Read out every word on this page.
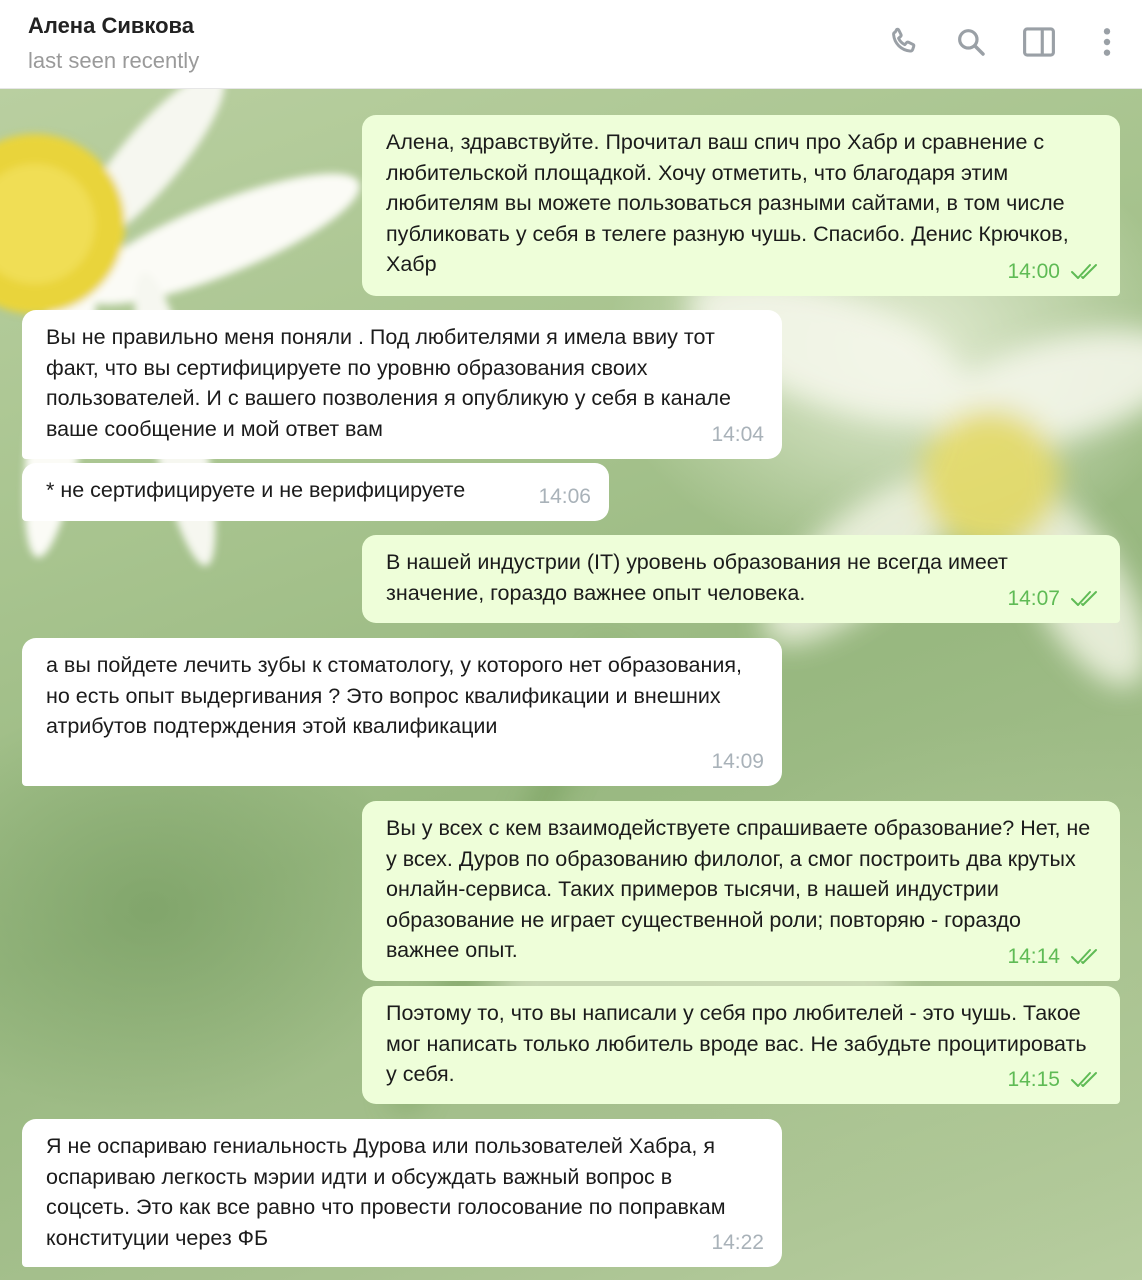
Алена Сивкова
last seen recently
Алена, здравствуйте. Прочитал ваш спич про Хабр и сравнение с любительской площадкой. Хочу отметить, что благодаря этим любителям вы можете пользоваться разными сайтами, в том числе публиковать у себя в телеге разную чушь. Спасибо. Денис Крючков, Хабр	14:00
Вы не правильно меня поняли . Под любителями я имела ввиу тот факт, что вы сертифицируете по уровню образования своих пользователей. И с вашего позволения я опубликую у себя в канале ваше сообщение и мой ответ вам	14:04
* не сертифицируете и не верифицируете	14:06
В нашей индустрии (IT) уровень образования не всегда имеет значение, гораздо важнее опыт человека.	14:07
а вы пойдете лечить зубы к стоматологу, у которого нет образования, но есть опыт выдергивания ? Это вопрос квалификации и внешних атрибутов подтерждения этой квалификации
14:09
Вы у всех с кем взаимодействуете спрашиваете образование? Нет, не у всех. Дуров по образованию филолог, а смог построить два крутых онлайн-сервиса. Таких примеров тысячи, в нашей индустрии образование не играет существенной роли; повторяю - гораздо важнее опыт.	14:14
Поэтому то, что вы написали у себя про любителей - это чушь. Такое мог написать только любитель вроде вас. Не забудьте процитировать у себя.	14:15
Я не оспариваю гениальность Дурова или пользователей Хабра, я оспариваю легкость мэрии идти и обсуждать важный вопрос в соцсеть. Это как все равно что провести голосование по поправкам конституции через ФБ	14:22
